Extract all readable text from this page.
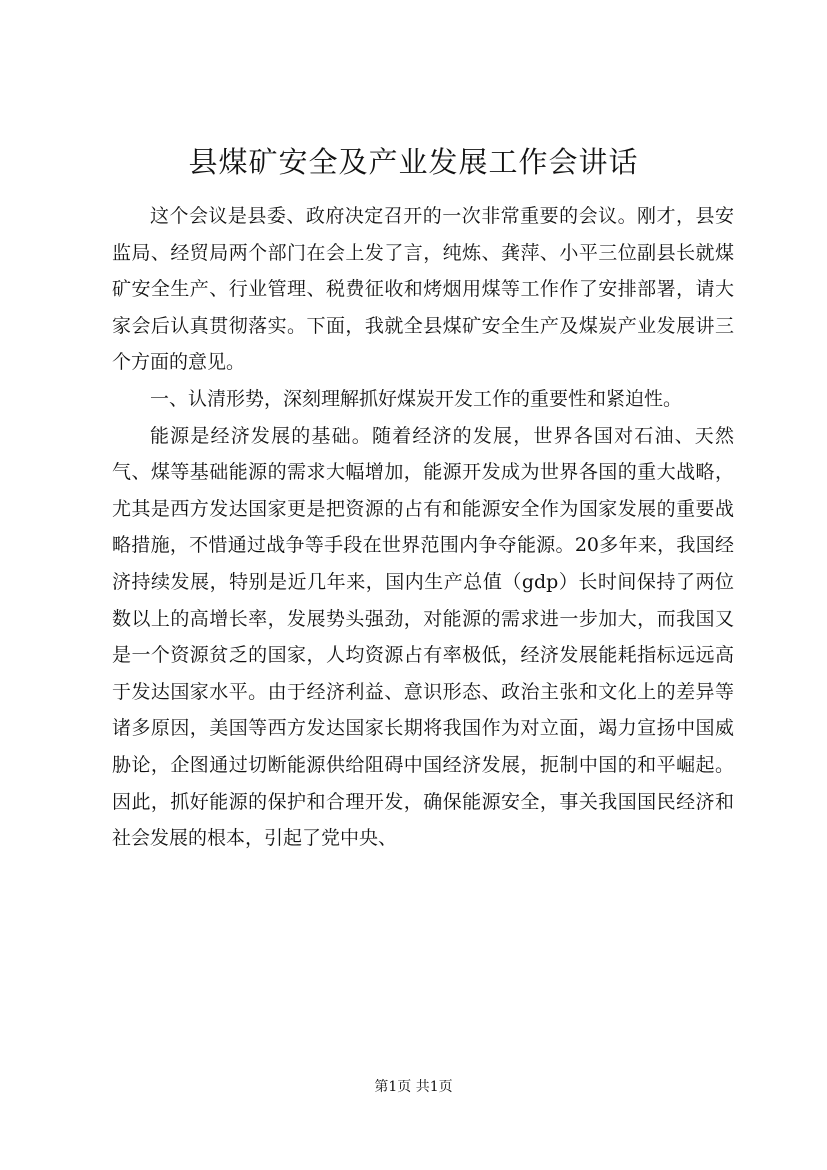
县煤矿安全及产业发展工作会讲话

这个会议是县委、政府决定召开的一次非常重要的会议。刚才，县安监局、经贸局两个部门在会上发了言，纯炼、龚萍、小平三位副县长就煤矿安全生产、行业管理、税费征收和烤烟用煤等工作作了安排部署，请大家会后认真贯彻落实。下面，我就全县煤矿安全生产及煤炭产业发展讲三个方面的意见。

一、认清形势，深刻理解抓好煤炭开发工作的重要性和紧迫性。

能源是经济发展的基础。随着经济的发展，世界各国对石油、天然气、煤等基础能源的需求大幅增加，能源开发成为世界各国的重大战略，尤其是西方发达国家更是把资源的占有和能源安全作为国家发展的重要战略措施，不惜通过战争等手段在世界范围内争夺能源。20多年来，我国经济持续发展，特别是近几年来，国内生产总值（gdp）长时间保持了两位数以上的高增长率，发展势头强劲，对能源的需求进一步加大，而我国又是一个资源贫乏的国家，人均资源占有率极低，经济发展能耗指标远远高于发达国家水平。由于经济利益、意识形态、政治主张和文化上的差异等诸多原因，美国等西方发达国家长期将我国作为对立面，竭力宣扬中国威胁论，企图通过切断能源供给阻碍中国经济发展，扼制中国的和平崛起。因此，抓好能源的保护和合理开发，确保能源安全，事关我国国民经济和社会发展的根本，引起了党中央、

第1页 共1页
